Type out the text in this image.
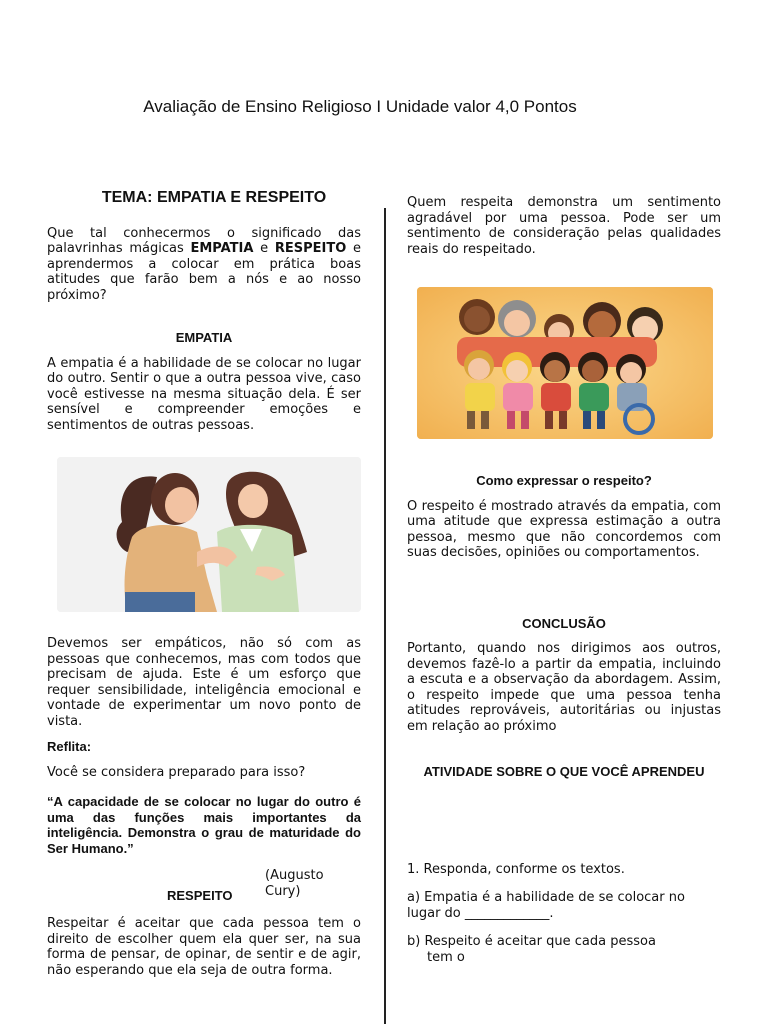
Avaliação de Ensino Religioso I Unidade valor 4,0 Pontos

TEMA: EMPATIA E RESPEITO

Que tal conhecermos o significado das palavrinhas mágicas EMPATIA e RESPEITO e aprendermos a colocar em prática boas atitudes que farão bem a nós e ao nosso próximo?

EMPATIA

A empatia é a habilidade de se colocar no lugar do outro. Sentir o que a outra pessoa vive, caso você estivesse na mesma situação dela. É ser sensível e compreender emoções e sentimentos de outras pessoas.

Devemos ser empáticos, não só com as pessoas que conhecemos, mas com todos que precisam de ajuda. Este é um esforço que requer sensibilidade, inteligência emocional e vontade de experimentar um novo ponto de vista.

Reflita:

Você se considera preparado para isso?

“A capacidade de se colocar no lugar do outro é uma das funções mais importantes da inteligência. Demonstra o grau de maturidade do Ser Humano.”

RESPEITO
(Augusto Cury)

Respeitar é aceitar que cada pessoa tem o direito de escolher quem ela quer ser, na sua forma de pensar, de opinar, de sentir e de agir, não esperando que ela seja de outra forma.

Quem respeita demonstra um sentimento agradável por uma pessoa. Pode ser um sentimento de consideração pelas qualidades reais do respeitado.

Como expressar o respeito?

O respeito é mostrado através da empatia, com uma atitude que expressa estimação a outra pessoa, mesmo que não concordemos com suas decisões, opiniões ou comportamentos.

CONCLUSÃO

Portanto, quando nos dirigimos aos outros, devemos fazê-lo a partir da empatia, incluindo a escuta e a observação da abordagem. Assim, o respeito impede que uma pessoa tenha atitudes reprováveis, autoritárias ou injustas em relação ao próximo

ATIVIDADE SOBRE O QUE VOCÊ APRENDEU

1. Responda, conforme os textos.

a) Empatia é a habilidade de se colocar no lugar do _____________.

b) Respeito é aceitar que cada pessoa
tem o
